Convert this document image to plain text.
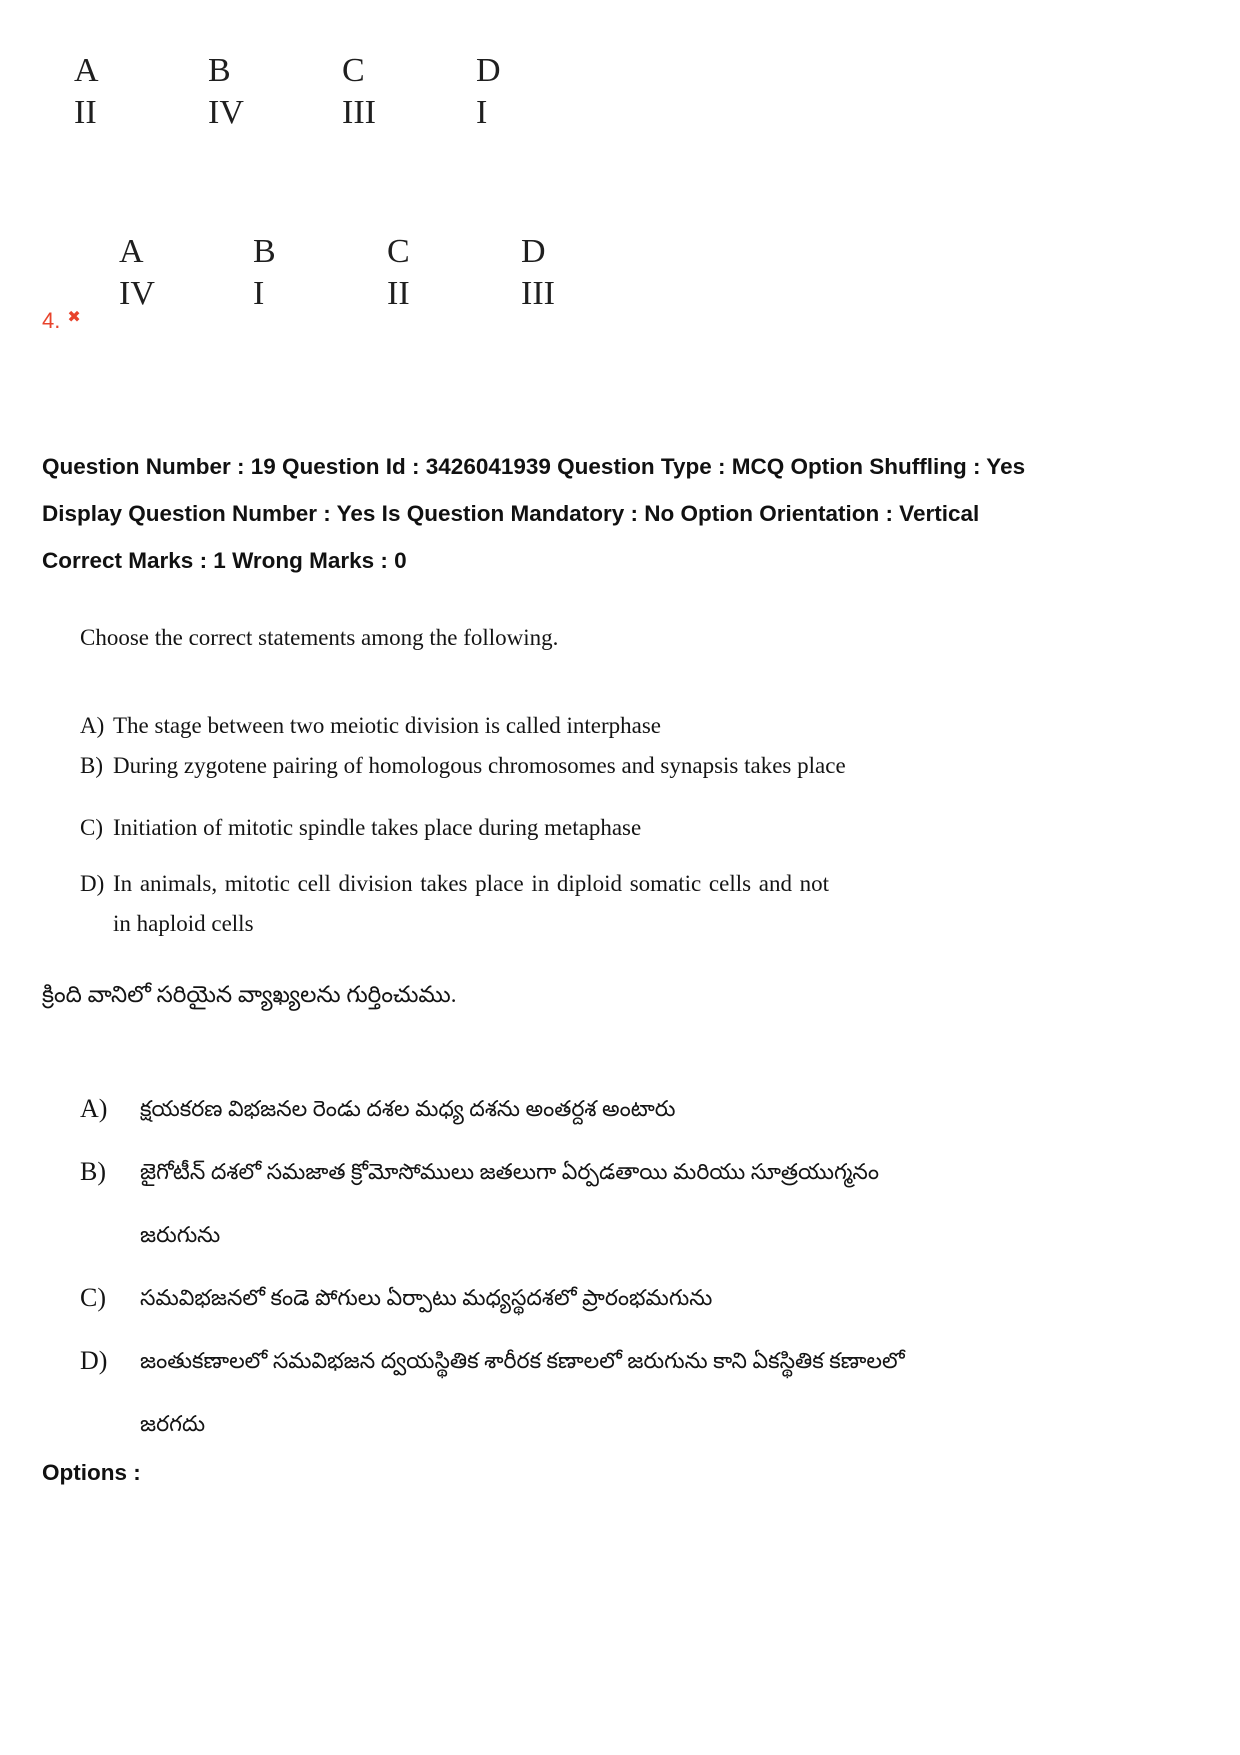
A	B	C	D
II	IV	III	I
A	B	C	D
IV	I	II	III
4. ✖
Question Number : 19 Question Id : 3426041939 Question Type : MCQ Option Shuffling : Yes
Display Question Number : Yes Is Question Mandatory : No Option Orientation : Vertical
Correct Marks : 1 Wrong Marks : 0
Choose the correct statements among the following.
A) The stage between two meiotic division is called interphase
B) During zygotene pairing of homologous chromosomes and synapsis takes place
C) Initiation of mitotic spindle takes place during metaphase
D) In animals, mitotic cell division takes place in diploid somatic cells and not in haploid cells
క్రింది వానిలో సరియైన వ్యాఖ్యలను గుర్తించుము.
A)	క్షయకరణ విభజనల రెండు దశల మధ్య దశను అంతర్దశ అంటారు
B)	జైగోటీన్ దశలో సమజాత క్రోమోసోములు జతలుగా ఏర్పడతాయి మరియు సూత్రయుగ్మనం
జరుగును
C)	సమవిభజనలో కండె పోగులు ఏర్పాటు మధ్యస్థదశలో ప్రారంభమగును
D)	జంతుకణాలలో సమవిభజన ద్వయస్థితిక శారీరక కణాలలో జరుగును కాని ఏకస్థితిక కణాలలో
జరగదు
Options :
